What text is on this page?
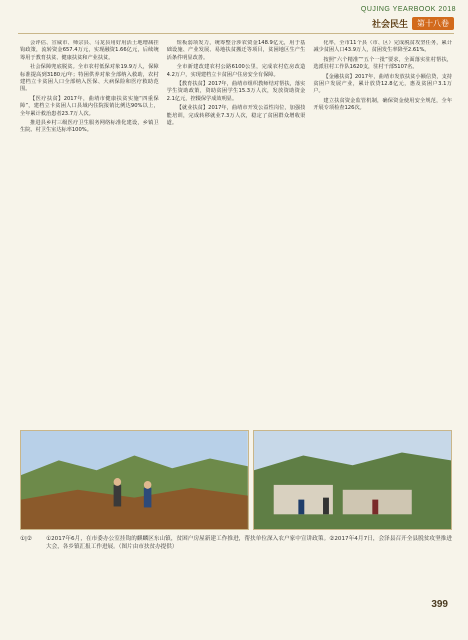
QUJING YEARBOOK 2018
社会民生	第十八卷

会评估、宣威市、师宗县、马龙县用好用活土地增减挂钩政策，流转资金657.4万元，实现融资1.66亿元，后续统筹用于教育扶贫、健康扶贫和产业扶贫。

社会保障兜底脱贫。全市农村低保对象19.9万人，保障标准提高到3180元/年；特困供养对象全部纳入救助，农村建档立卡贫困人口全部纳入医保、大病保险和医疗救助范围。

【医疗扶贫】2017年，曲靖市健康扶贫实施“四重保障”，建档立卡贫困人口县域内住院报销比例达90%以上，全年累计救治患者23.7万人次。

推进县乡村三级医疗卫生服务网络标准化建设，乡镇卫生院、村卫生室达标率100%。

短板弱项发力，统筹整合涉农资金148.9亿元，用于基础设施、产业发展、易地扶贫搬迁等项目，贫困地区生产生活条件明显改善。

全市新建改建农村公路6100公里，完成农村危房改造4.2万户，实现建档立卡贫困户住房安全有保障。

【教育扶贫】2017年，曲靖市组织教师结对帮扶，落实学生资助政策，资助贫困学生15.3万人次，发放资助资金2.1亿元，控辍保学成效明显。

【就业扶贫】2017年，曲靖市开发公益性岗位，加强技能培训，完成转移就业7.3万人次，稳定了贫困群众增收渠道。

化率，全市11个县（市、区）完成脱贫攻坚任务，累计减少贫困人口43.9万人，贫困发生率降至2.61%。

按照“六个精准”“五个一批”要求，全面落实驻村帮扶，选派驻村工作队1620支，驻村干部5107名。

【金融扶贫】2017年，曲靖市发放扶贫小额信贷，支持贫困户发展产业，累计放贷12.8亿元，惠及贫困户3.1万户。

建立扶贫资金监管机制，确保资金使用安全规范，全年开展专项检查126次。

①|②	①2017年6月，在市委办公室挂钩的麒麟区东山镇，贫困户房屋新建工作推进，帮扶单位深入农户家中宣讲政策。②2017年4月7日，会泽县召开全县脱贫攻坚推进大会，各乡镇汇报工作进展。（图片由市扶贫办提供）
399
